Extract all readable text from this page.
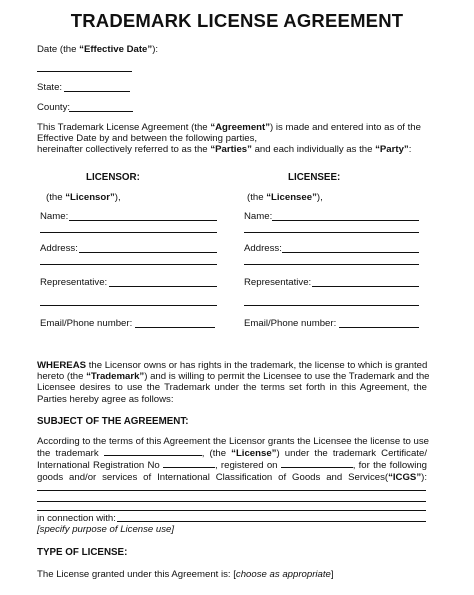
TRADEMARK LICENSE AGREEMENT
Date (the “Effective Date”):
State:
County:
This Trademark License Agreement (the “Agreement”) is made and entered into as of the
Effective Date by and between the following parties,
hereinafter collectively referred to as the “Parties” and each individually as the “Party”:
LICENSOR:
(the “Licensor”),
Name:
Address:
Representative:
Email/Phone number:
LICENSEE:
(the “Licensee”),
Name:
Address:
Representative:
Email/Phone number:
WHEREAS the Licensor owns or has rights in the trademark, the license to which is granted
hereto (the “Trademark”) and is willing to permit the Licensee to use the Trademark and the
Licensee desires to use the Trademark under the terms set forth in this Agreement, the
Parties hereby agree as follows:
SUBJECT OF THE AGREEMENT:
According to the terms of this Agreement the Licensor grants the Licensee the license to use
the trademark	, (the “License”) under the trademark Certificate/
International Registration No	, registered on	, for the following
goods and/or services of International Classification of Goods and Services(“ICGS”):
in connection with:
[specify purpose of License use]
TYPE OF LICENSE:
The License granted under this Agreement is: [choose as appropriate]
